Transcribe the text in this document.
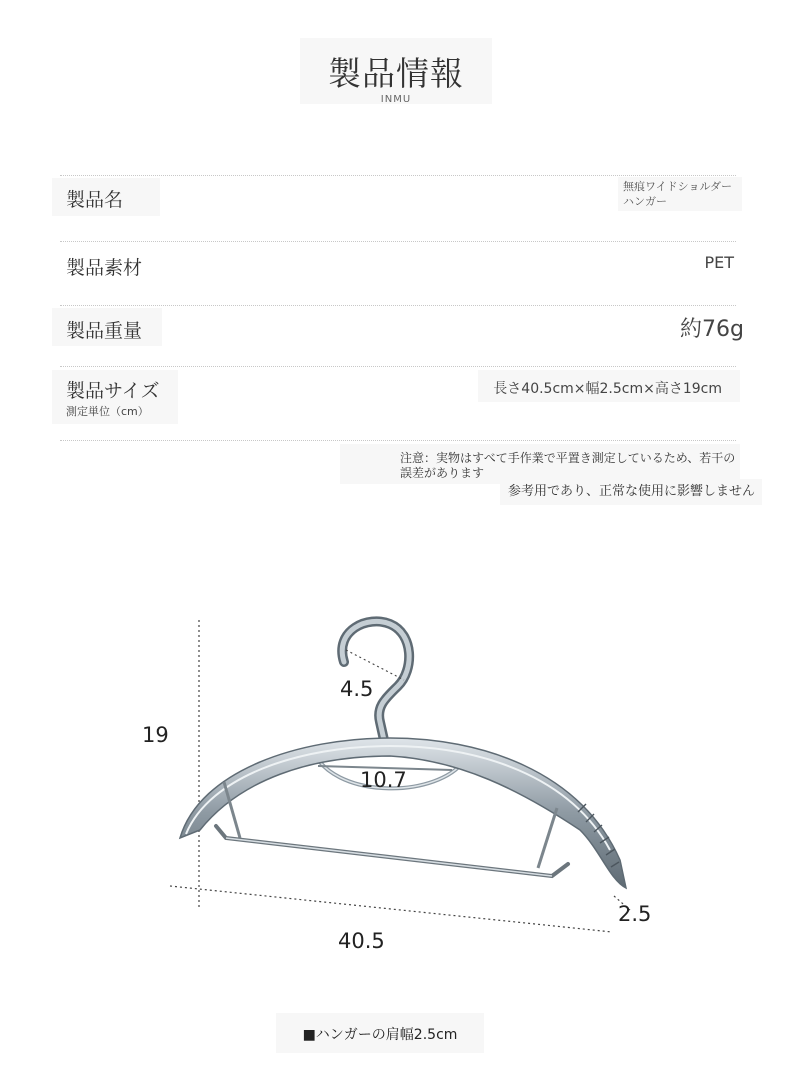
製品情報
INMU
製品名
無痕ワイドショルダーハンガー
製品素材	PET
製品重量	約76g
製品サイズ
測定単位（cm）
長さ40.5cm×幅2.5cm×高さ19cm
注意：実物はすべて手作業で平置き測定しているため、若干の誤差があります
参考用であり、正常な使用に影響しません
19
4.5
10.7
40.5
2.5
■ハンガーの肩幅2.5cm
